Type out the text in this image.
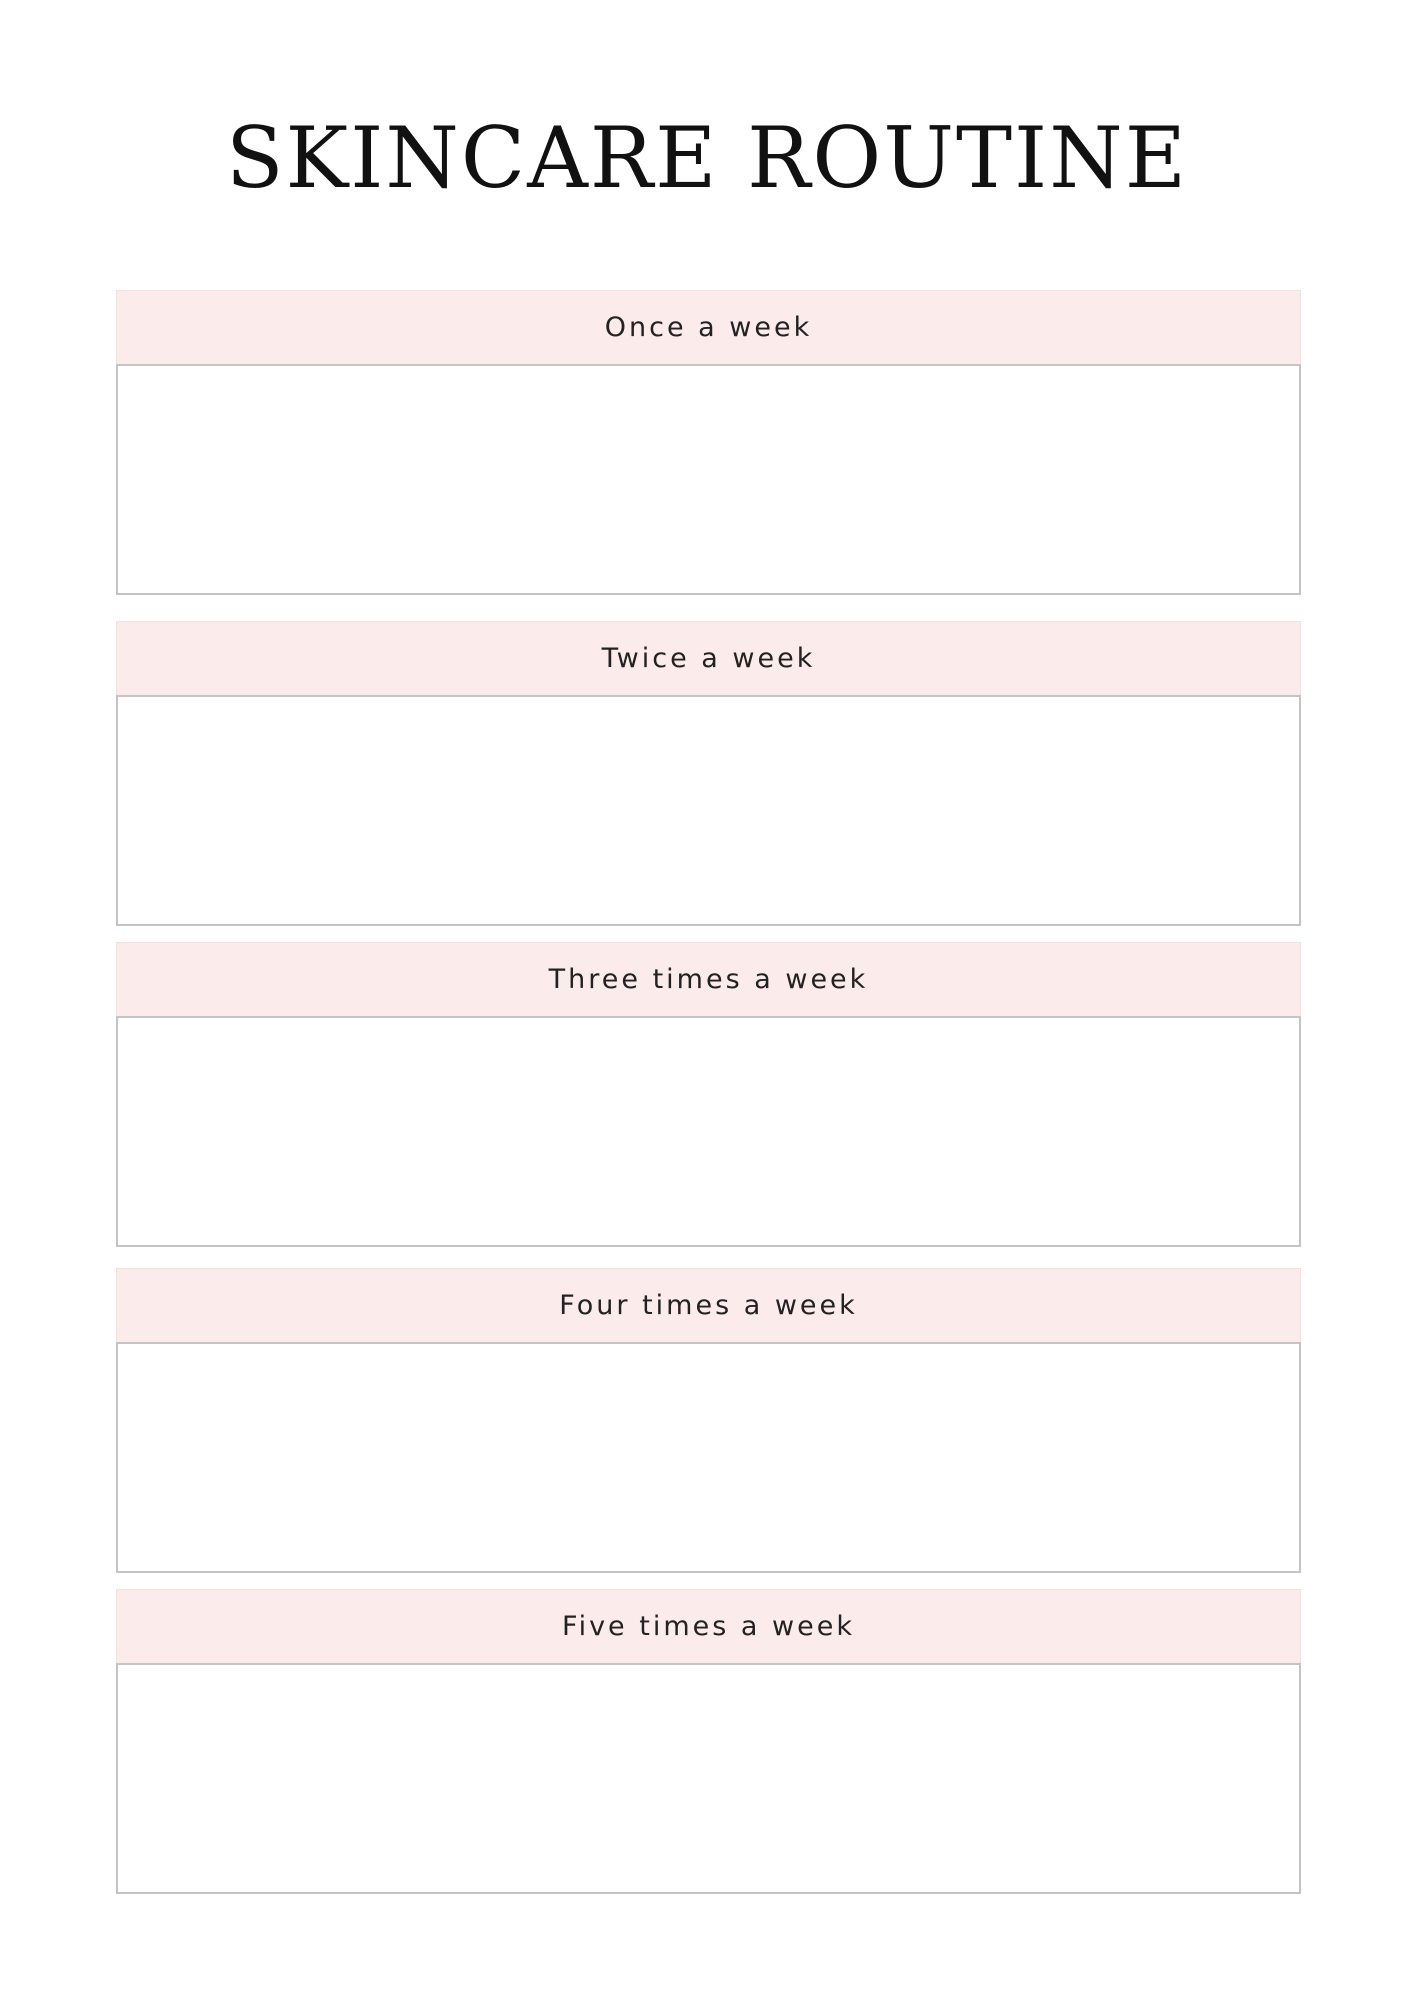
SKINCARE ROUTINE
Once a week
Twice a week
Three times a week
Four times a week
Five times a week
